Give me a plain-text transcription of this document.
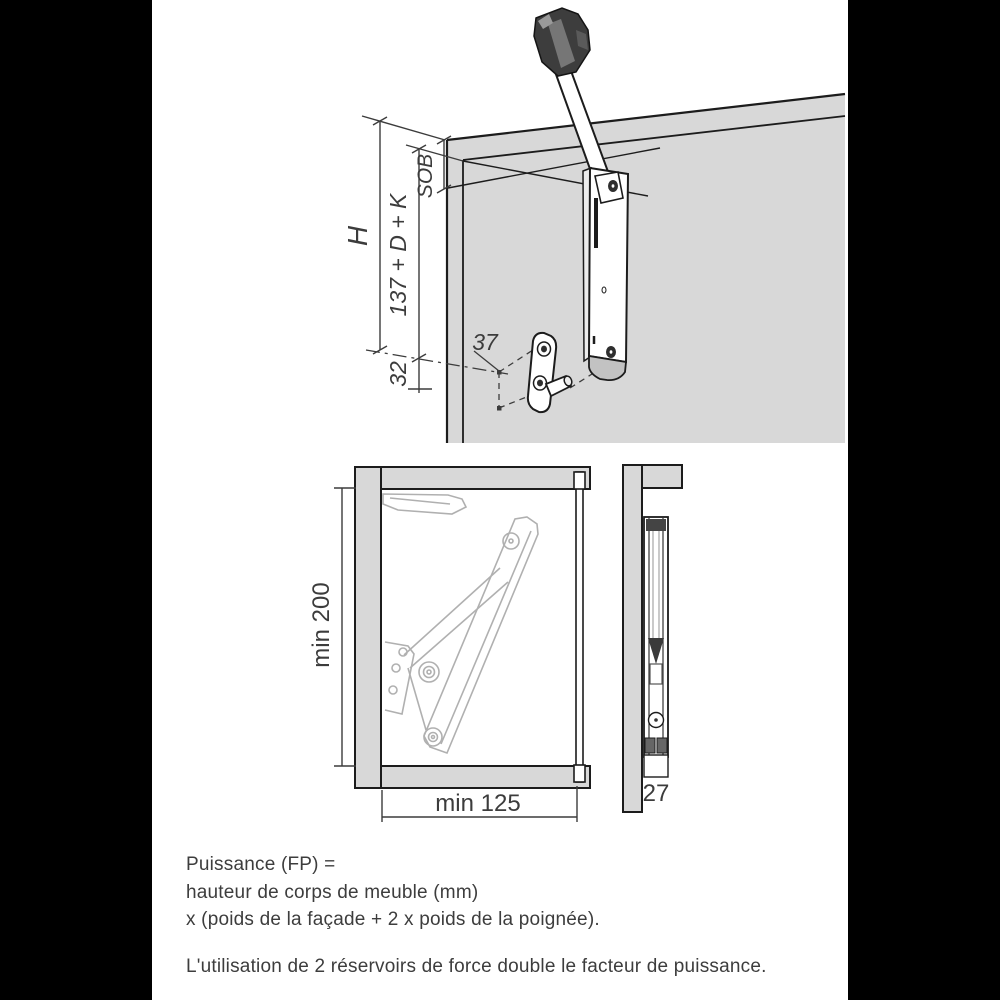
H 137 + D + K
SOB
32
37
min 200
min 125	27
Puissance (FP) =
hauteur de corps de meuble (mm)
x (poids de la façade + 2 x poids de la poignée).
L'utilisation de 2 réservoirs de force double le facteur de puissance.
